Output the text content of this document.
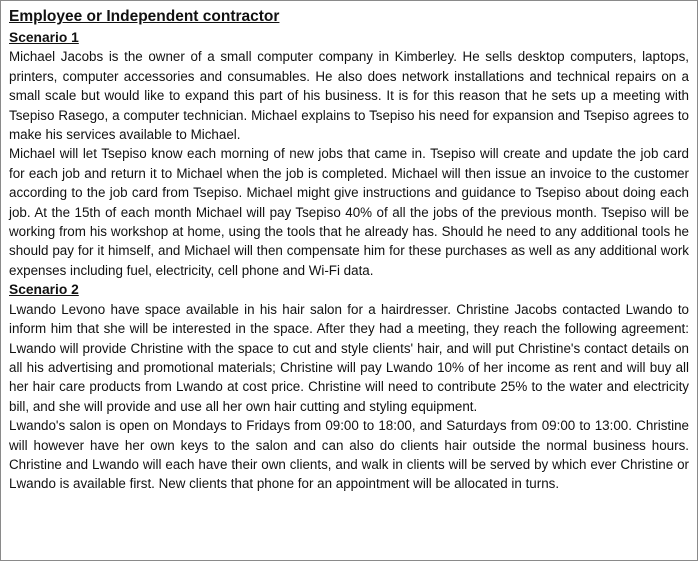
Employee or Independent contractor
Scenario 1

Michael Jacobs is the owner of a small computer company in Kimberley. He sells desktop computers, laptops, printers, computer accessories and consumables. He also does network installations and technical repairs on a small scale but would like to expand this part of his business. It is for this reason that he sets up a meeting with Tsepiso Rasego, a computer technician. Michael explains to Tsepiso his need for expansion and Tsepiso agrees to make his services available to Michael.

Michael will let Tsepiso know each morning of new jobs that came in. Tsepiso will create and update the job card for each job and return it to Michael when the job is completed. Michael will then issue an invoice to the customer according to the job card from Tsepiso. Michael might give instructions and guidance to Tsepiso about doing each job. At the 15th of each month Michael will pay Tsepiso 40% of all the jobs of the previous month. Tsepiso will be working from his workshop at home, using the tools that he already has. Should he need to any additional tools he should pay for it himself, and Michael will then compensate him for these purchases as well as any additional work expenses including fuel, electricity, cell phone and Wi-Fi data.

Scenario 2

Lwando Levono have space available in his hair salon for a hairdresser. Christine Jacobs contacted Lwando to inform him that she will be interested in the space. After they had a meeting, they reach the following agreement: Lwando will provide Christine with the space to cut and style clients' hair, and will put Christine's contact details on all his advertising and promotional materials; Christine will pay Lwando 10% of her income as rent and will buy all her hair care products from Lwando at cost price. Christine will need to contribute 25% to the water and electricity bill, and she will provide and use all her own hair cutting and styling equipment.

Lwando's salon is open on Mondays to Fridays from 09:00 to 18:00, and Saturdays from 09:00 to 13:00. Christine will however have her own keys to the salon and can also do clients hair outside the normal business hours. Christine and Lwando will each have their own clients, and walk in clients will be served by which ever Christine or Lwando is available first. New clients that phone for an appointment will be allocated in turns.
